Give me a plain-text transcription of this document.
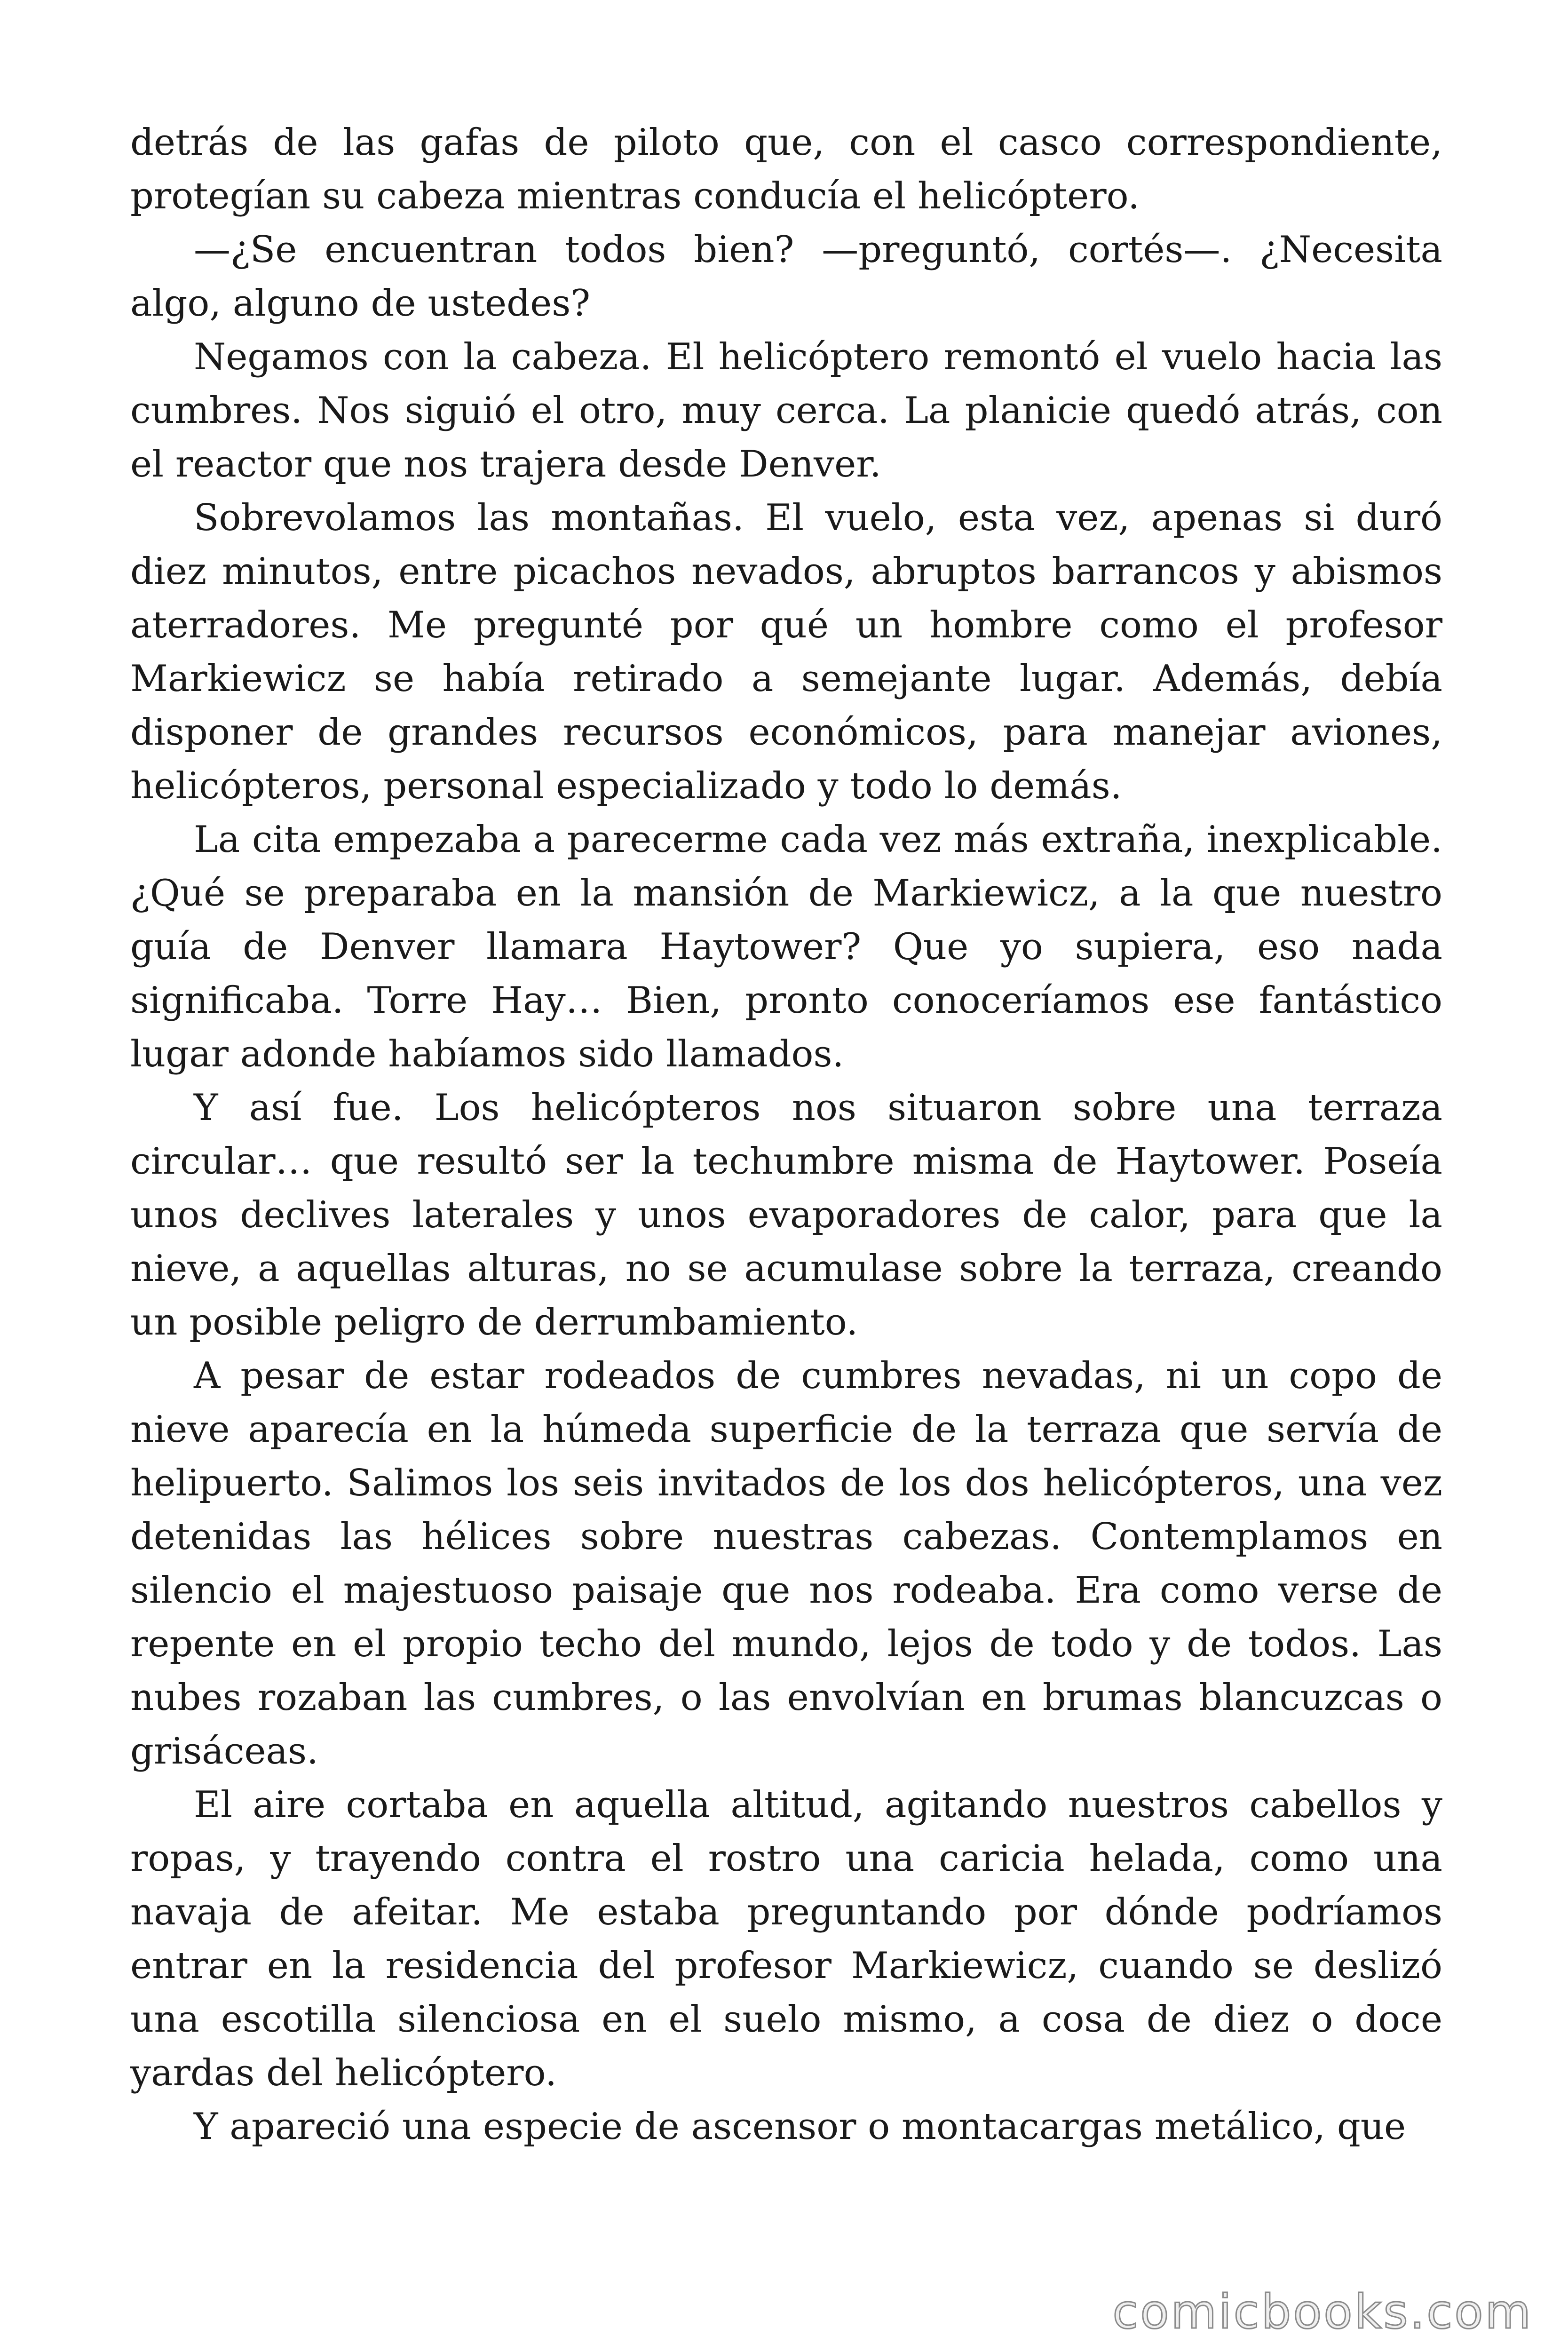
detrás de las gafas de piloto que, con el casco correspondiente, protegían su cabeza mientras conducía el helicóptero.

—¿Se encuentran todos bien? —preguntó, cortés—. ¿Necesita algo, alguno de ustedes?

Negamos con la cabeza. El helicóptero remontó el vuelo hacia las cumbres. Nos siguió el otro, muy cerca. La planicie quedó atrás, con el reactor que nos trajera desde Denver.

Sobrevolamos las montañas. El vuelo, esta vez, apenas si duró diez minutos, entre picachos nevados, abruptos barrancos y abismos aterradores. Me pregunté por qué un hombre como el profesor Markiewicz se había retirado a semejante lugar. Además, debía disponer de grandes recursos económicos, para manejar aviones, helicópteros, personal especializado y todo lo demás.

La cita empezaba a parecerme cada vez más extraña, inexplicable. ¿Qué se preparaba en la mansión de Markiewicz, a la que nuestro guía de Denver llamara Haytower? Que yo supiera, eso nada significaba. Torre Hay… Bien, pronto conoceríamos ese fantástico lugar adonde habíamos sido llamados.

Y así fue. Los helicópteros nos situaron sobre una terraza circular… que resultó ser la techumbre misma de Haytower. Poseía unos declives laterales y unos evaporadores de calor, para que la nieve, a aquellas alturas, no se acumulase sobre la terraza, creando un posible peligro de derrumbamiento.

A pesar de estar rodeados de cumbres nevadas, ni un copo de nieve aparecía en la húmeda superficie de la terraza que servía de helipuerto. Salimos los seis invitados de los dos helicópteros, una vez detenidas las hélices sobre nuestras cabezas. Contemplamos en silencio el majestuoso paisaje que nos rodeaba. Era como verse de repente en el propio techo del mundo, lejos de todo y de todos. Las nubes rozaban las cumbres, o las envolvían en brumas blancuzcas o grisáceas.

El aire cortaba en aquella altitud, agitando nuestros cabellos y ropas, y trayendo contra el rostro una caricia helada, como una navaja de afeitar. Me estaba preguntando por dónde podríamos entrar en la residencia del profesor Markiewicz, cuando se deslizó una escotilla silenciosa en el suelo mismo, a cosa de diez o doce yardas del helicóptero.

Y apareció una especie de ascensor o montacargas metálico, que

comicbooks.com
